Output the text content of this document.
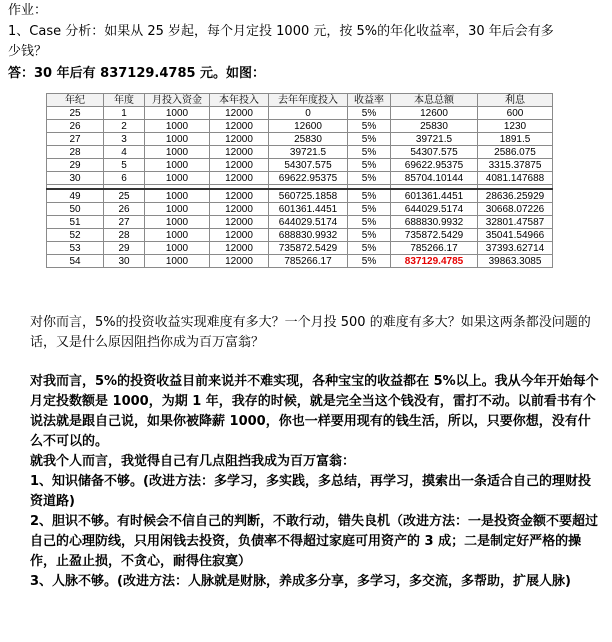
作业：
1、Case 分析：如果从 25 岁起，每个月定投 1000 元，按 5%的年化收益率，30 年后会有多
少钱？
答：30 年后有 837129.4785 元。如图：
年纪	年度	月投入资金	本年投入	去年年度投入	收益率	本息总额	利息
25	1	1000	12000	0	5%	12600	600
26	2	1000	12000	12600	5%	25830	1230
27	3	1000	12000	25830	5%	39721.5	1891.5
28	4	1000	12000	39721.5	5%	54307.575	2586.075
29	5	1000	12000	54307.575	5%	69622.95375	3315.37875
30	6	1000	12000	69622.95375	5%	85704.10144	4081.147688

49	25	1000	12000	560725.1858	5%	601361.4451	28636.25929
50	26	1000	12000	601361.4451	5%	644029.5174	30668.07226
51	27	1000	12000	644029.5174	5%	688830.9932	32801.47587
52	28	1000	12000	688830.9932	5%	735872.5429	35041.54966
53	29	1000	12000	735872.5429	5%	785266.17	37393.62714
54	30	1000	12000	785266.17	5%	837129.4785	39863.3085
对你而言，5%的投资收益实现难度有多大？一个月投 500 的难度有多大？如果这两条都没问题的话，又是什么原因阻挡你成为百万富翁？
对我而言，5%的投资收益目前来说并不难实现，各种宝宝的收益都在 5%以上。我从今年开始每个月定投数额是 1000，为期 1 年，我存的时候，就是完全当这个钱没有，雷打不动。以前看书有个说法就是跟自己说，如果你被降薪 1000，你也一样要用现有的钱生活，所以，只要你想，没有什么不可以的。
就我个人而言，我觉得自己有几点阻挡我成为百万富翁：
1、知识储备不够。(改进方法：多学习，多实践，多总结，再学习，摸索出一条适合自己的理财投资道路)
2、胆识不够。有时候会不信自己的判断，不敢行动，错失良机（改进方法：一是投资金额不要超过自己的心理防线，只用闲钱去投资，负债率不得超过家庭可用资产的 3 成；二是制定好严格的操作，止盈止损，不贪心，耐得住寂寞）
3、人脉不够。(改进方法：人脉就是财脉，养成多分享，多学习，多交流，多帮助，扩展人脉)
